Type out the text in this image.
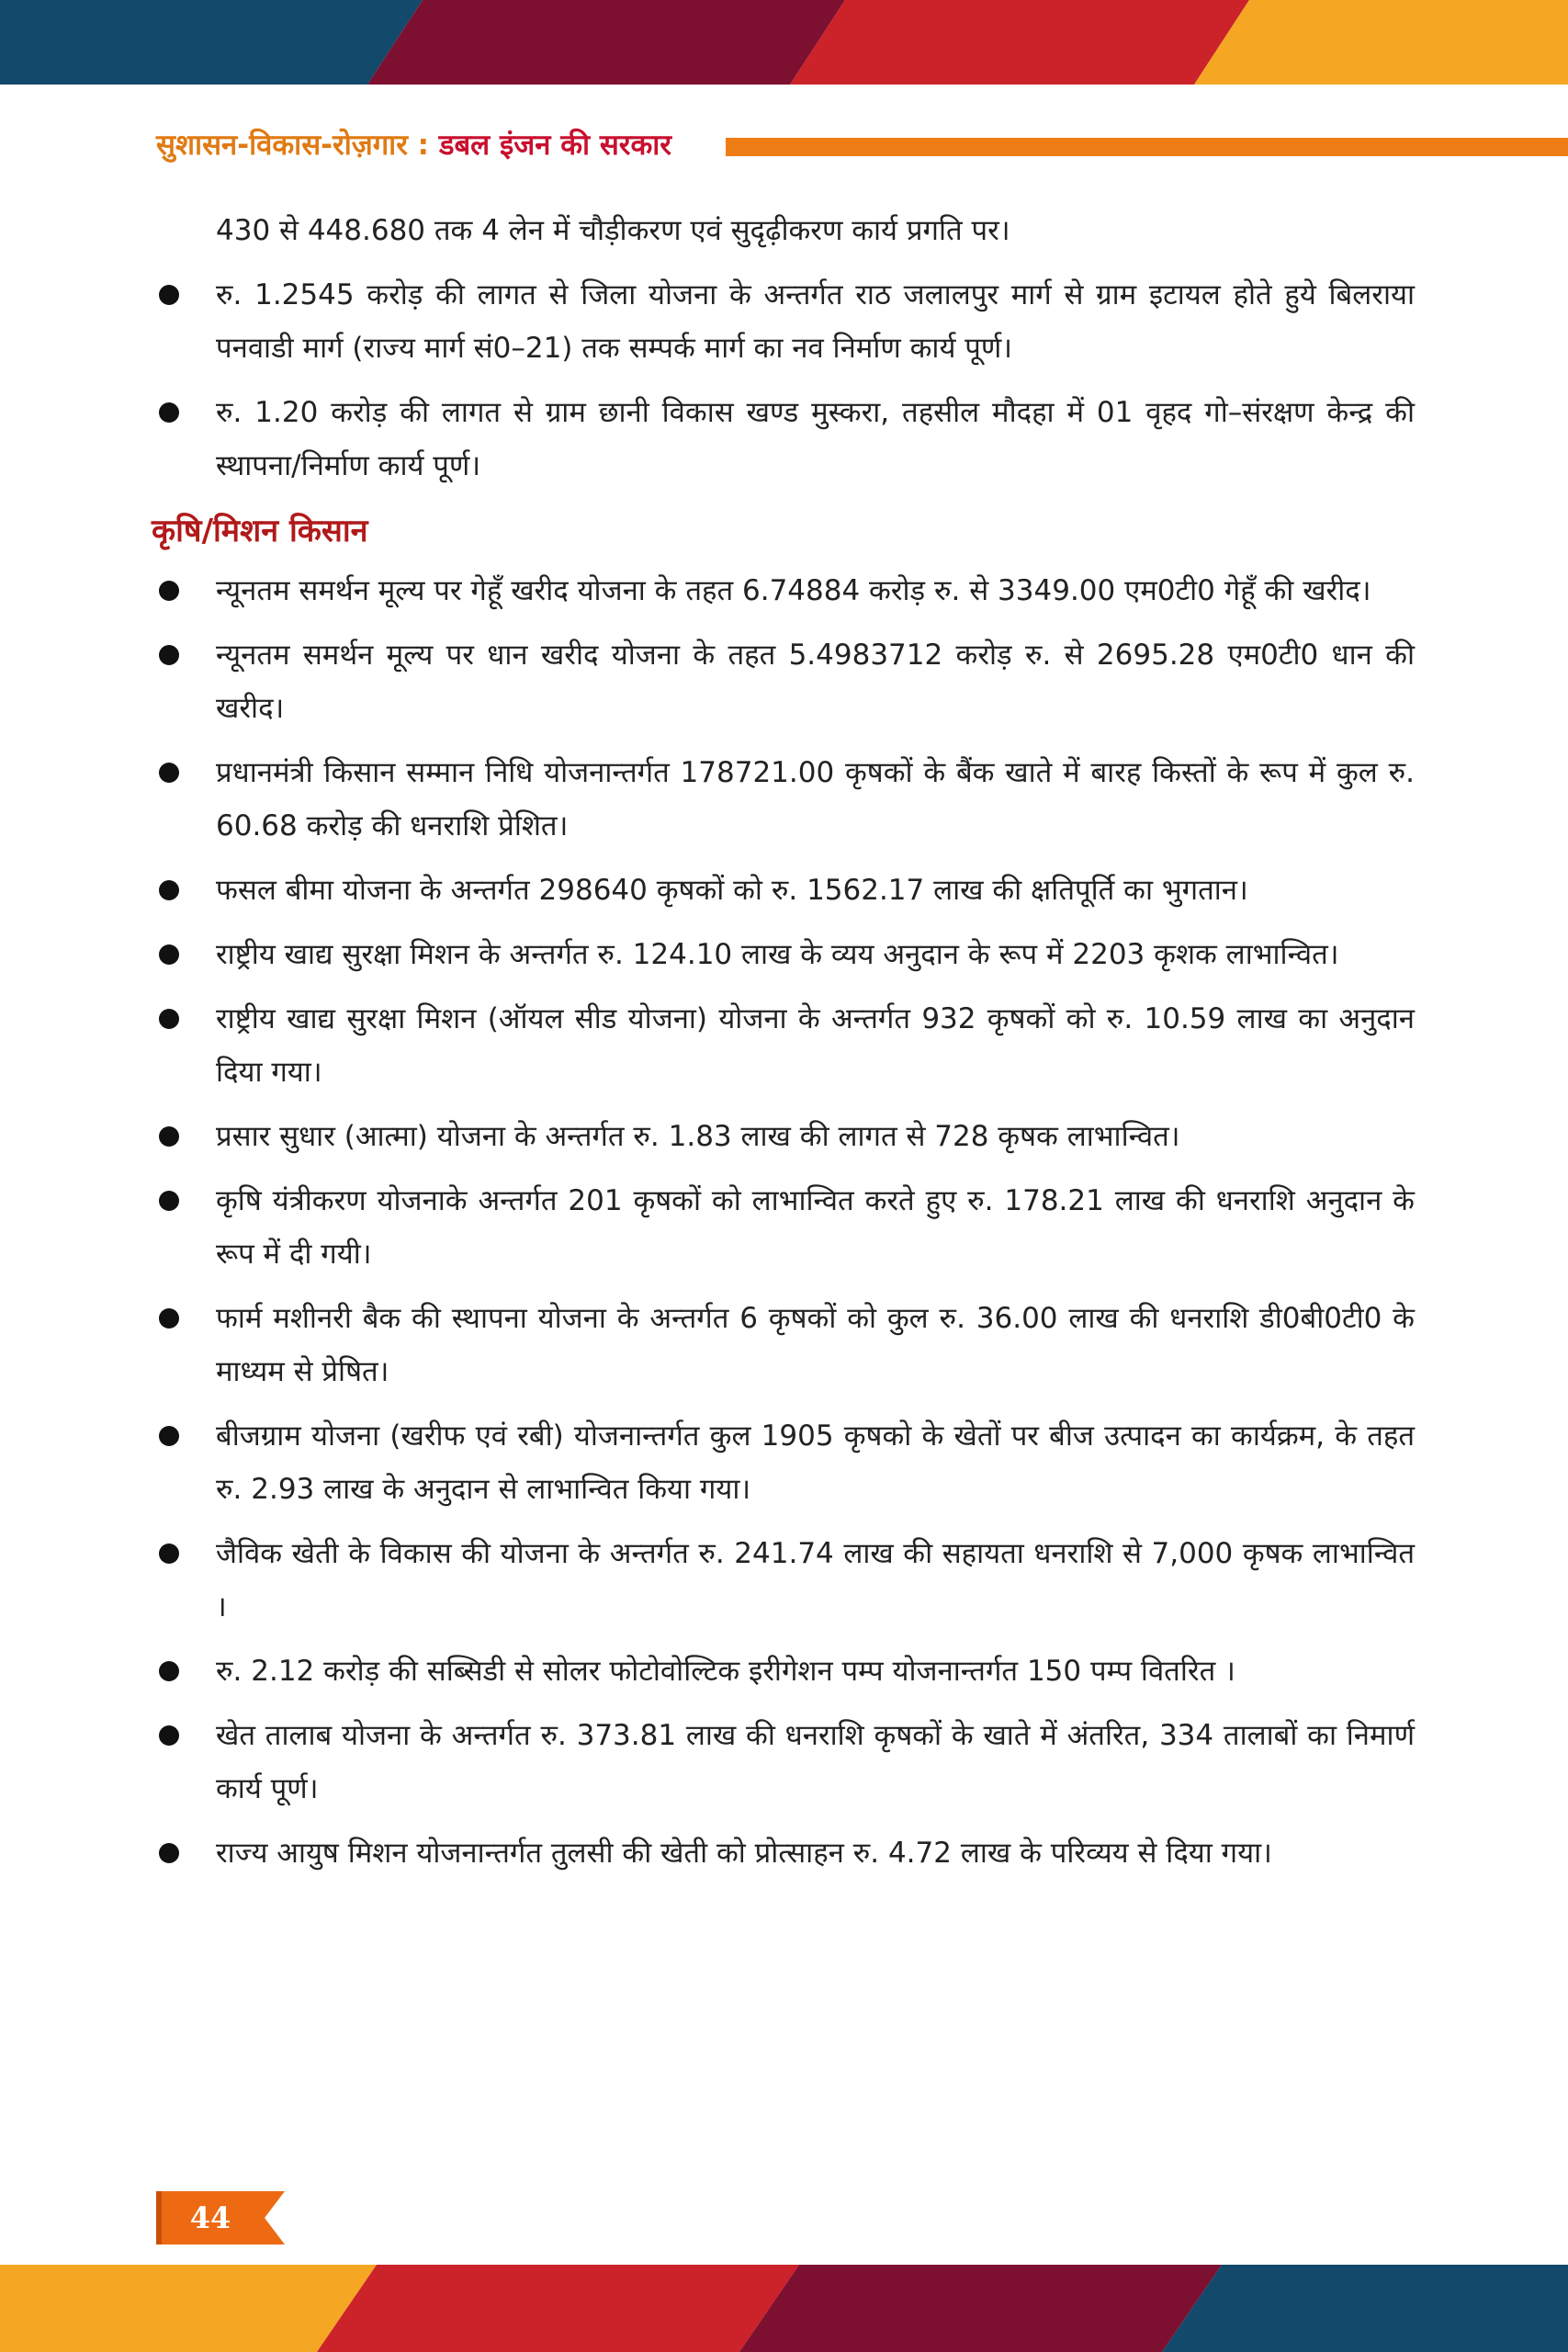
सुशासन-विकास-रोज़गार : डबल इंजन की सरकार
430 से 448.680 तक 4 लेन में चौड़ीकरण एवं सुदृढ़ीकरण कार्य प्रगति पर।
रु. 1.2545 करोड़ की लागत से जिला योजना के अन्तर्गत राठ जलालपुर मार्ग से ग्राम इटायल होते हुये बिलराया पनवाडी मार्ग (राज्य मार्ग सं0–21) तक सम्पर्क मार्ग का नव निर्माण कार्य पूर्ण।
रु. 1.20 करोड़ की लागत से ग्राम छानी विकास खण्ड मुस्करा, तहसील मौदहा में 01 वृहद गो–संरक्षण केन्द्र की स्थापना/निर्माण कार्य पूर्ण।
कृषि/मिशन किसान
न्यूनतम समर्थन मूल्य पर गेहूँ खरीद योजना के तहत 6.74884 करोड़ रु. से 3349.00 एम0टी0 गेहूँ की खरीद।
न्यूनतम समर्थन मूल्य पर धान खरीद योजना के तहत 5.4983712 करोड़ रु. से 2695.28 एम0टी0 धान की खरीद।
प्रधानमंत्री किसान सम्मान निधि योजनान्तर्गत 178721.00 कृषकों के बैंक खाते में बारह किस्तों के रूप में कुल रु. 60.68 करोड़ की धनराशि प्रेशित।
फसल बीमा योजना के अन्तर्गत 298640 कृषकों को रु. 1562.17 लाख की क्षतिपूर्ति का भुगतान।
राष्ट्रीय खाद्य सुरक्षा मिशन के अन्तर्गत रु. 124.10 लाख के व्यय अनुदान के रूप में 2203 कृशक लाभान्वित।
राष्ट्रीय खाद्य सुरक्षा मिशन (ऑयल सीड योजना) योजना के अन्तर्गत 932 कृषकों को रु. 10.59 लाख का अनुदान दिया गया।
प्रसार सुधार (आत्मा) योजना के अन्तर्गत रु. 1.83 लाख की लागत से 728 कृषक लाभान्वित।
कृषि यंत्रीकरण योजनाके अन्तर्गत 201 कृषकों को लाभान्वित करते हुए रु. 178.21 लाख की धनराशि अनुदान के रूप में दी गयी।
फार्म मशीनरी बैक की स्थापना योजना के अन्तर्गत 6 कृषकों को कुल रु. 36.00 लाख की धनराशि डी0बी0टी0 के माध्यम से प्रेषित।
बीजग्राम योजना (खरीफ एवं रबी) योजनान्तर्गत कुल 1905 कृषको के खेतों पर बीज उत्पादन का कार्यक्रम, के तहत रु. 2.93 लाख के अनुदान से लाभान्वित किया गया।
जैविक खेती के विकास की योजना के अन्तर्गत रु. 241.74 लाख की सहायता धनराशि से 7,000 कृषक लाभान्वित ।
रु. 2.12 करोड़ की सब्सिडी से सोलर फोटोवोल्टिक इरीगेशन पम्प योजनान्तर्गत 150 पम्प वितरित ।
खेत तालाब योजना के अन्तर्गत रु. 373.81 लाख की धनराशि कृषकों के खाते में अंतरित, 334 तालाबों का निमार्ण कार्य पूर्ण।
राज्य आयुष मिशन योजनान्तर्गत तुलसी की खेती को प्रोत्साहन रु. 4.72 लाख के परिव्यय से दिया गया।
44
